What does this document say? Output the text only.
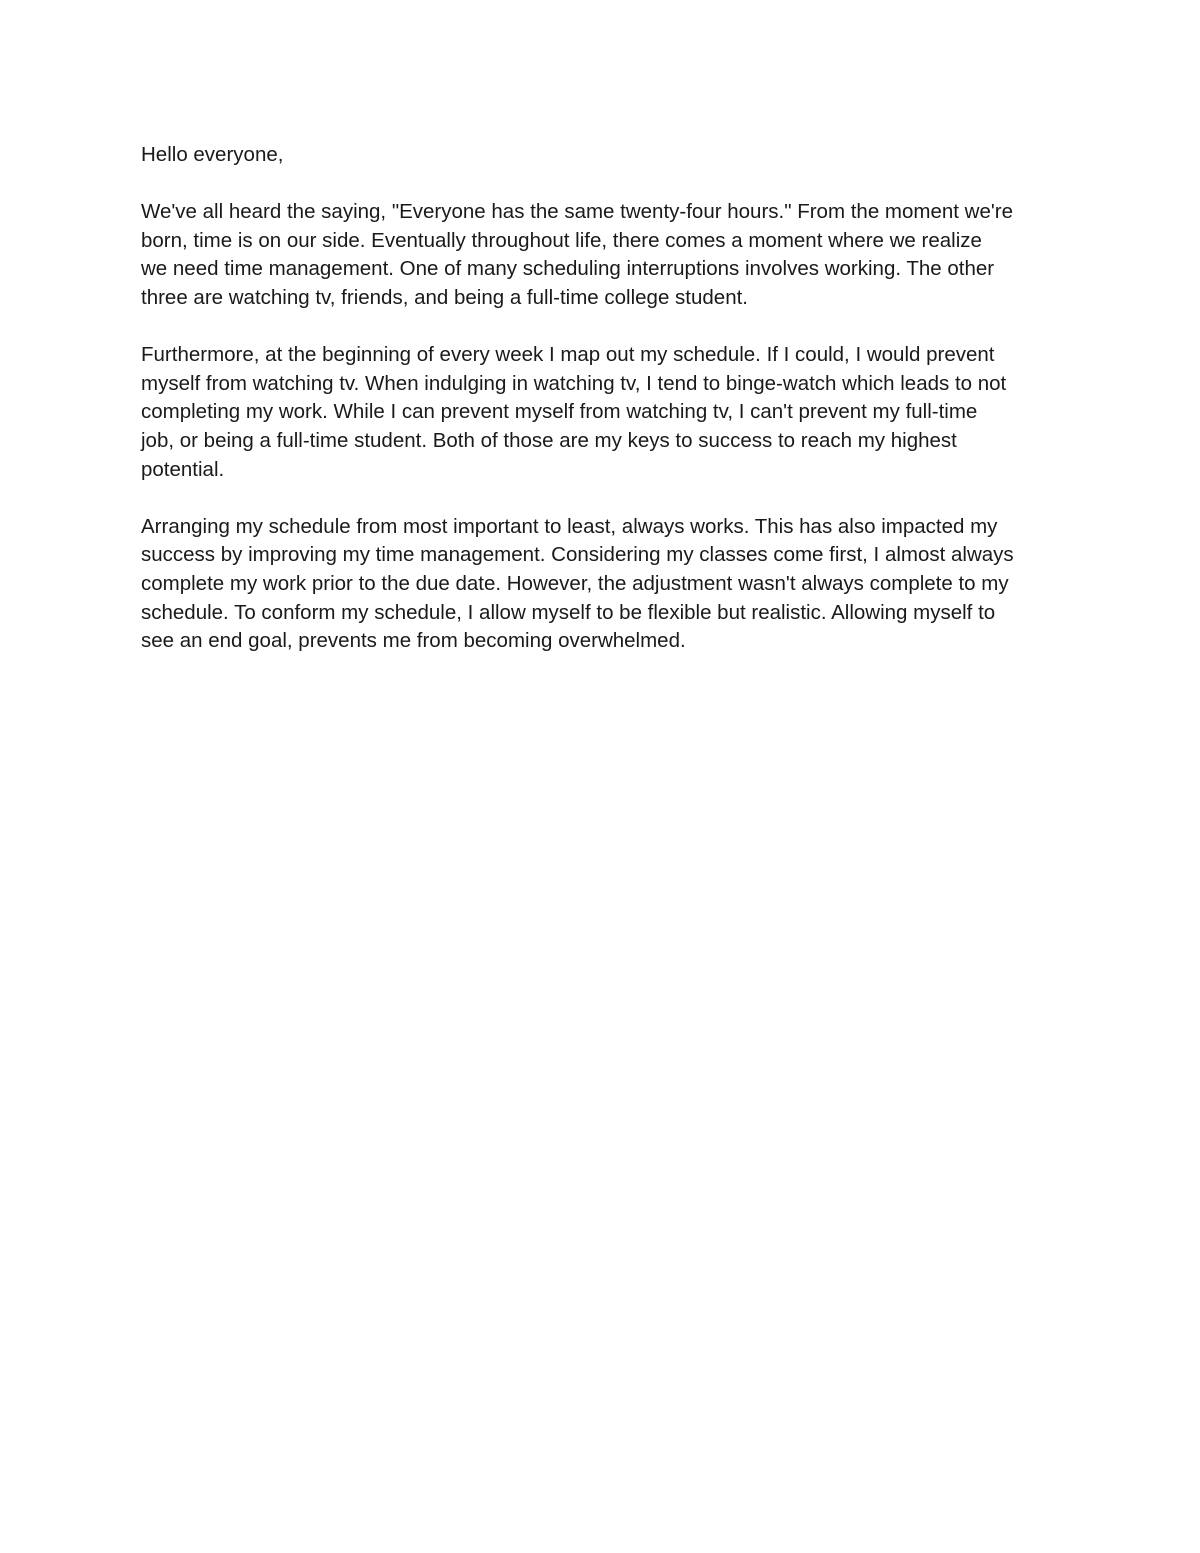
Hello everyone,

We've all heard the saying, "Everyone has the same twenty-four hours." From the moment we're
born, time is on our side. Eventually throughout life, there comes a moment where we realize
we need time management. One of many scheduling interruptions involves working. The other
three are watching tv, friends, and being a full-time college student.

Furthermore, at the beginning of every week I map out my schedule. If I could, I would prevent
myself from watching tv. When indulging in watching tv, I tend to binge-watch which leads to not
completing my work. While I can prevent myself from watching tv, I can't prevent my full-time
job, or being a full-time student. Both of those are my keys to success to reach my highest
potential.

Arranging my schedule from most important to least, always works. This has also impacted my
success by improving my time management. Considering my classes come first, I almost always
complete my work prior to the due date. However, the adjustment wasn't always complete to my
schedule. To conform my schedule, I allow myself to be flexible but realistic. Allowing myself to
see an end goal, prevents me from becoming overwhelmed.
